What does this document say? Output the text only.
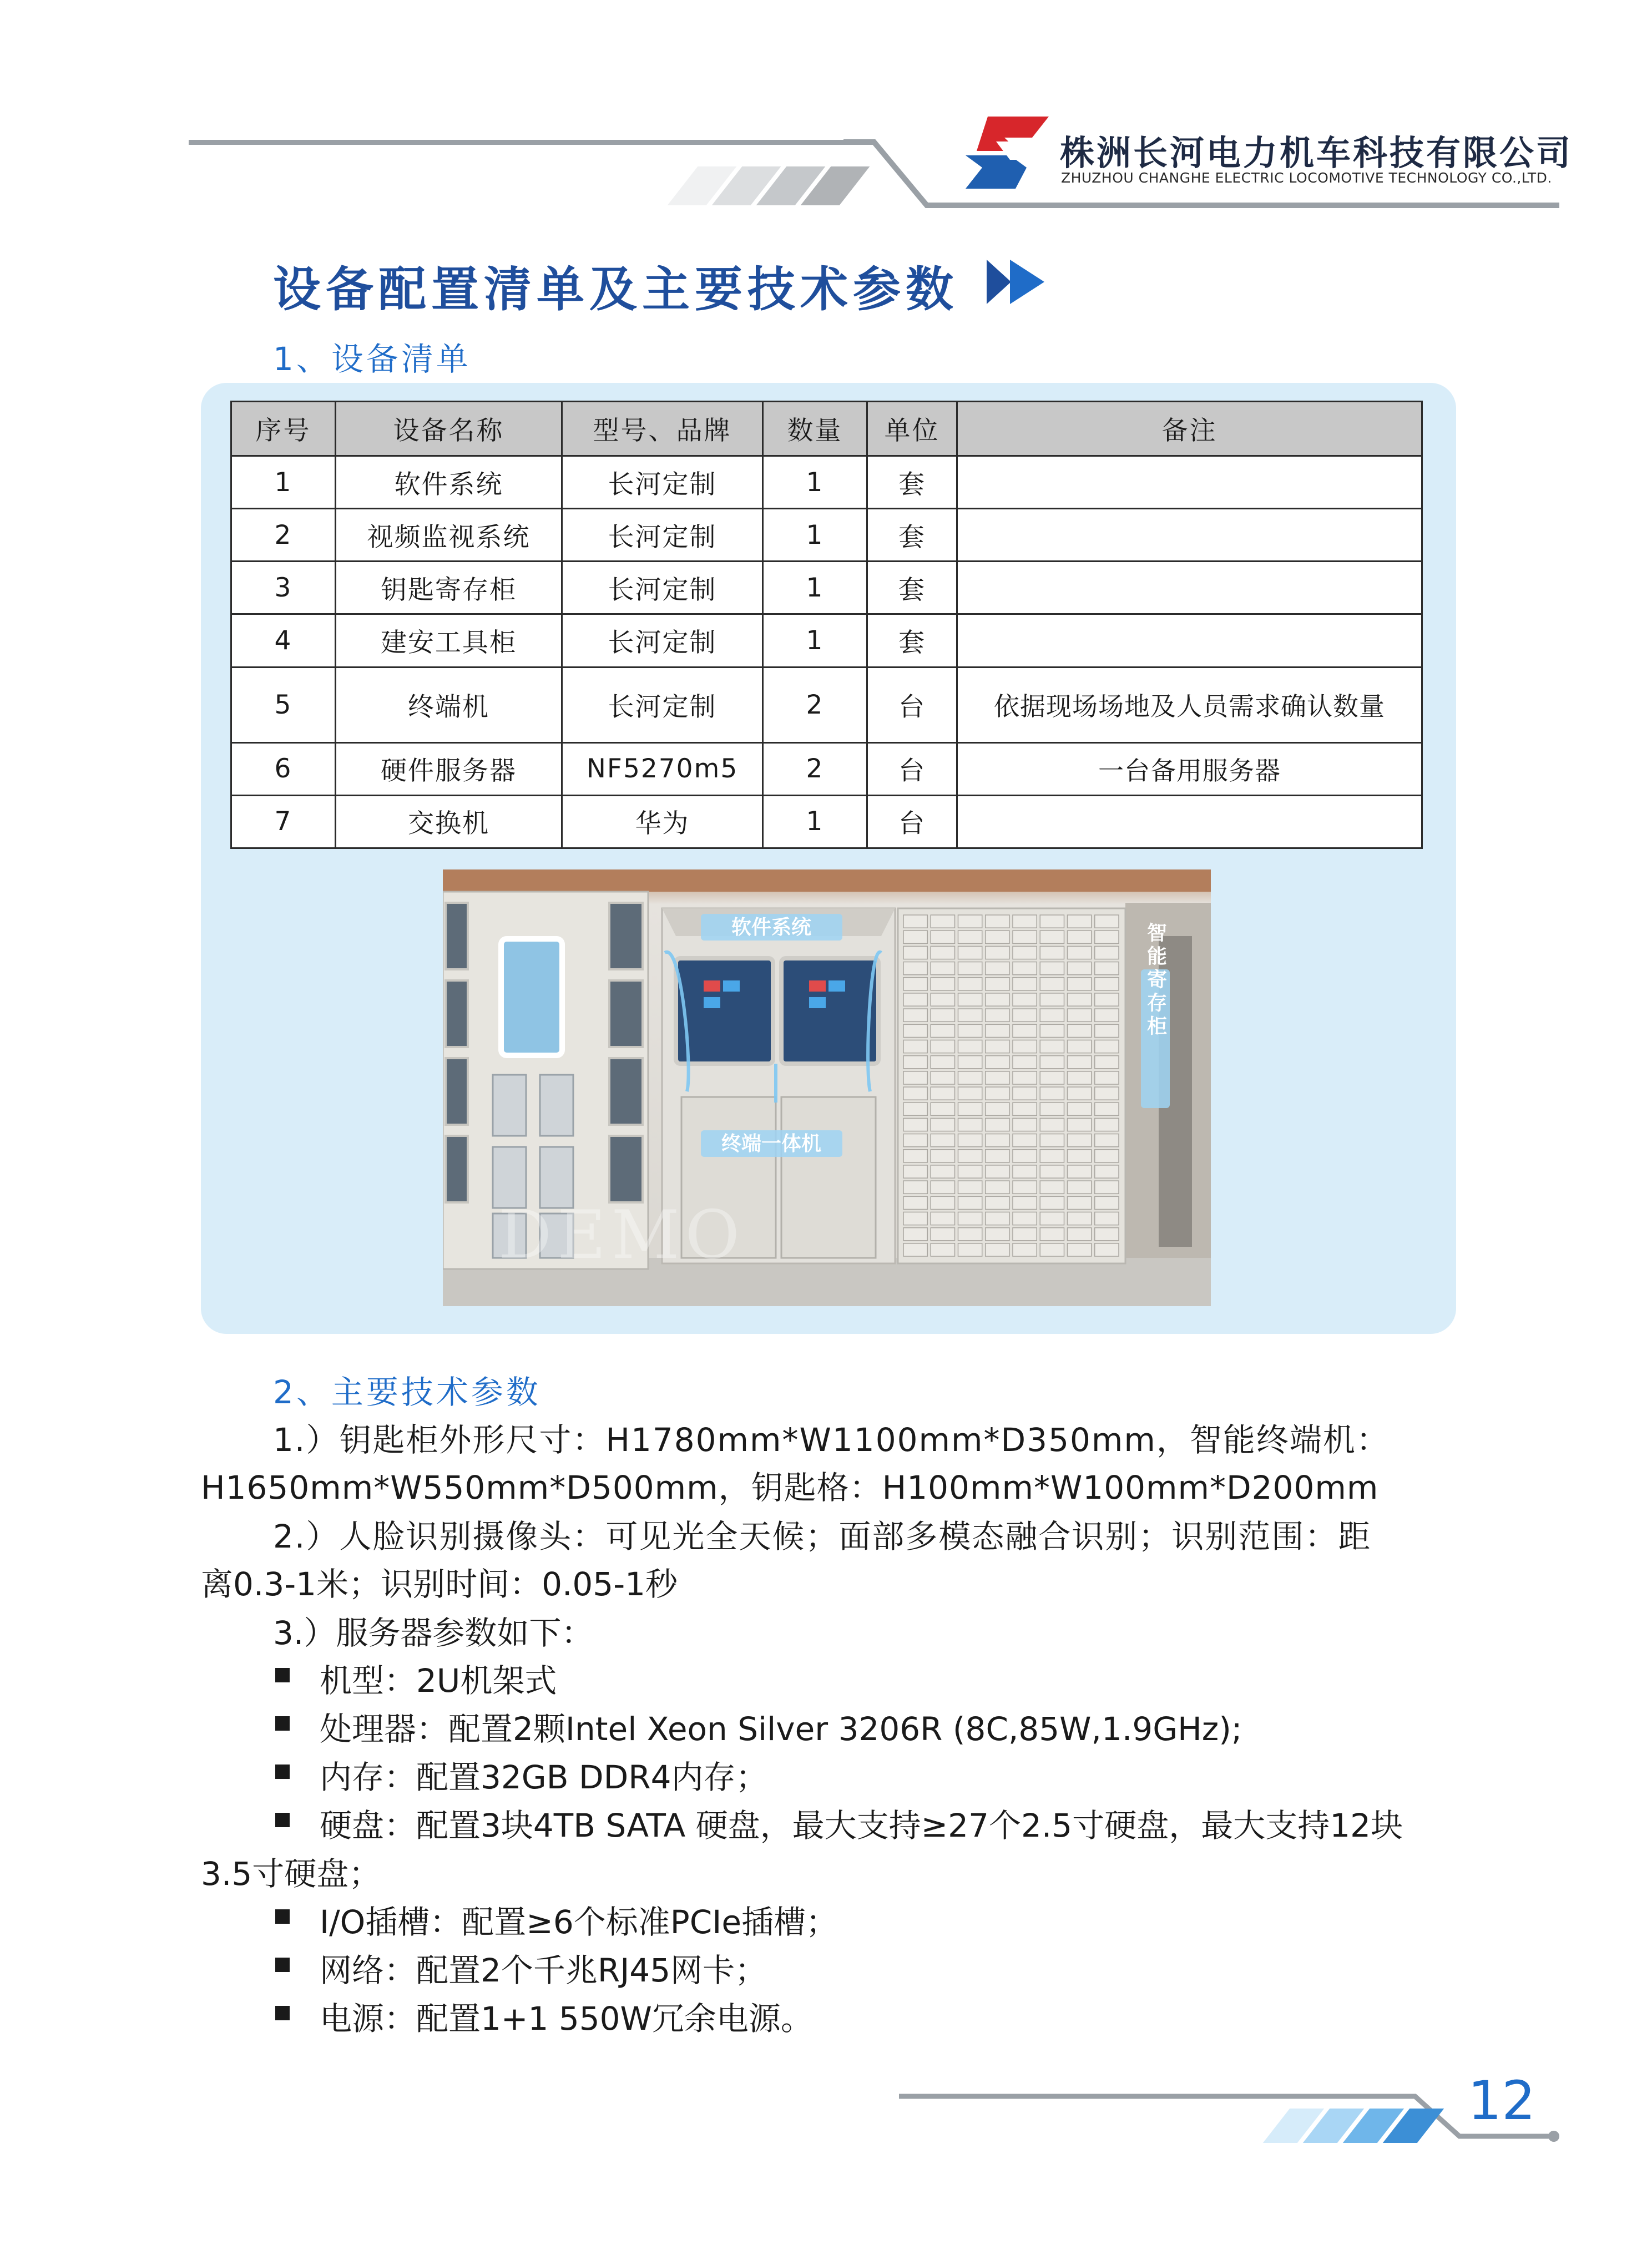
株洲长河电力机车科技有限公司
ZHUZHOU CHANGHE ELECTRIC LOCOMOTIVE TECHNOLOGY CO.,LTD.
设备配置清单及主要技术参数
1、设备清单
序号	设备名称	型号、品牌	数量	单位	备注
1	软件系统	长河定制	1	套	
2	视频监视系统	长河定制	1	套	
3	钥匙寄存柜	长河定制	1	套	
4	建安工具柜	长河定制	1	套	
5	终端机	长河定制	2	台	依据现场场地及人员需求确认数量
6	硬件服务器	NF5270m5	2	台	一台备用服务器
7	交换机	华为	1	台	
软件系统
终端一体机
智能寄存柜
DEMO
2、主要技术参数
1.）钥匙柜外形尺寸：H1780mm*W1100mm*D350mm，智能终端机：
H1650mm*W550mm*D500mm，钥匙格：H100mm*W100mm*D200mm
2.）人脸识别摄像头：可见光全天候；面部多模态融合识别；识别范围：距
离0.3-1米；识别时间：0.05-1秒
3.）服务器参数如下：
机型：2U机架式
处理器：配置2颗Intel Xeon Silver 3206R (8C,85W,1.9GHz);
内存：配置32GB DDR4内存；
硬盘：配置3块4TB SATA 硬盘，最大支持≥27个2.5寸硬盘，最大支持12块
3.5寸硬盘；
I/O插槽：配置≥6个标准PCIe插槽；
网络：配置2个千兆RJ45网卡；
电源：配置1+1 550W冗余电源。
12
